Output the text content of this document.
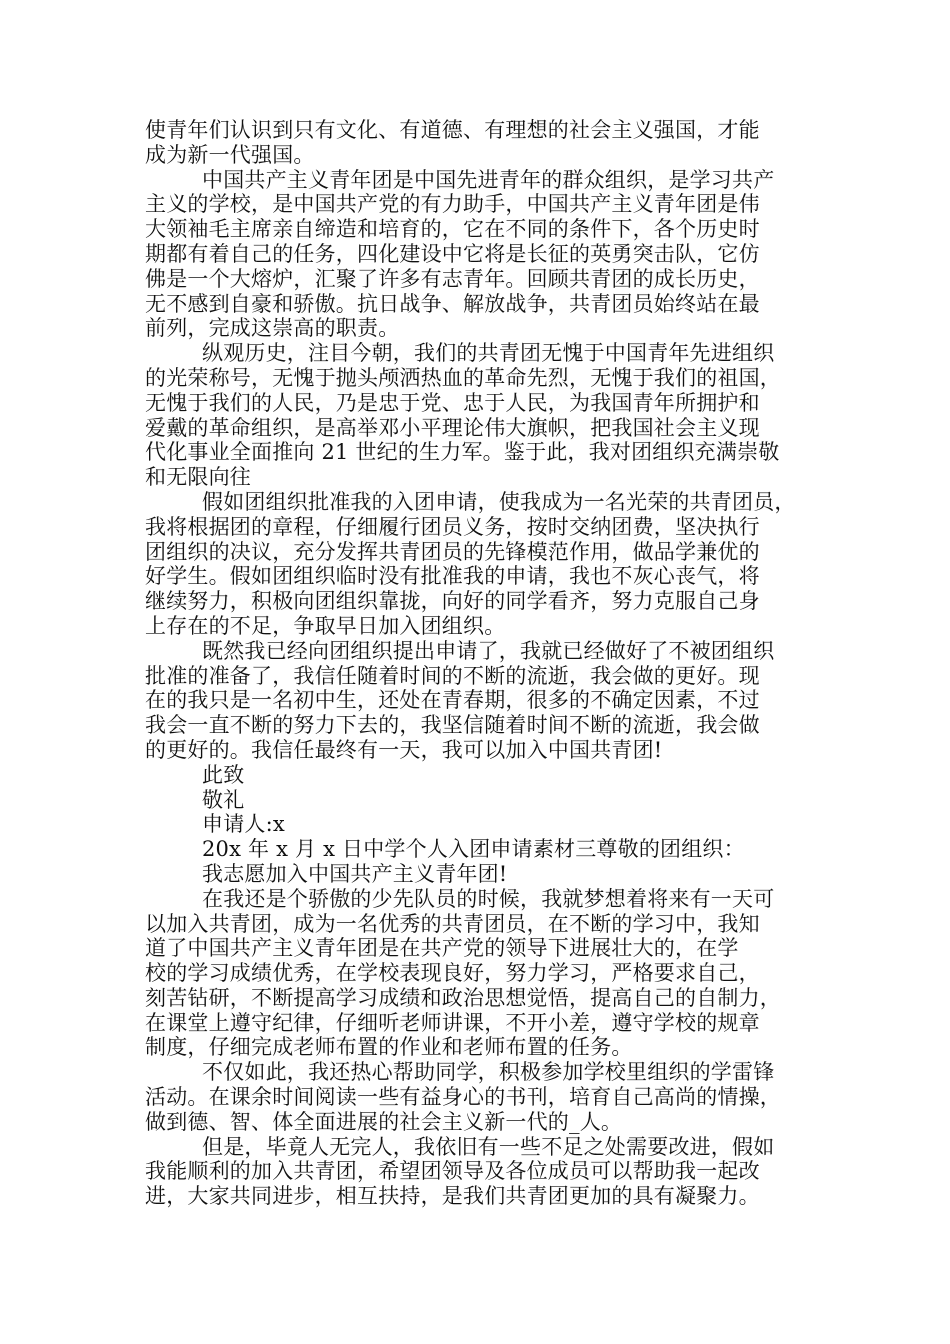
使青年们认识到只有文化、有道德、有理想的社会主义强国，才能
成为新一代强国。
中国共产主义青年团是中国先进青年的群众组织，是学习共产
主义的学校，是中国共产党的有力助手，中国共产主义青年团是伟
大领袖毛主席亲自缔造和培育的，它在不同的条件下，各个历史时
期都有着自己的任务，四化建设中它将是长征的英勇突击队，它仿
佛是一个大熔炉，汇聚了许多有志青年。回顾共青团的成长历史，
无不感到自豪和骄傲。抗日战争、解放战争，共青团员始终站在最
前列，完成这崇高的职责。
纵观历史，注目今朝，我们的共青团无愧于中国青年先进组织
的光荣称号，无愧于抛头颅洒热血的革命先烈，无愧于我们的祖国，
无愧于我们的人民，乃是忠于党、忠于人民，为我国青年所拥护和
爱戴的革命组织，是高举邓小平理论伟大旗帜，把我国社会主义现
代化事业全面推向 21 世纪的生力军。鉴于此，我对团组织充满崇敬
和无限向往
假如团组织批准我的入团申请，使我成为一名光荣的共青团员，
我将根据团的章程，仔细履行团员义务，按时交纳团费，坚决执行
团组织的决议，充分发挥共青团员的先锋模范作用，做品学兼优的
好学生。假如团组织临时没有批准我的申请，我也不灰心丧气，将
继续努力，积极向团组织靠拢，向好的同学看齐，努力克服自己身
上存在的不足，争取早日加入团组织。
既然我已经向团组织提出申请了，我就已经做好了不被团组织
批准的准备了，我信任随着时间的不断的流逝，我会做的更好。现
在的我只是一名初中生，还处在青春期，很多的不确定因素，不过
我会一直不断的努力下去的，我坚信随着时间不断的流逝，我会做
的更好的。我信任最终有一天，我可以加入中国共青团!
此致
敬礼
申请人:x
20x 年 x 月 x 日中学个人入团申请素材三尊敬的团组织：
我志愿加入中国共产主义青年团!
在我还是个骄傲的少先队员的时候，我就梦想着将来有一天可
以加入共青团，成为一名优秀的共青团员，在不断的学习中，我知
道了中国共产主义青年团是在共产党的领导下进展壮大的，在学
校的学习成绩优秀，在学校表现良好，努力学习，严格要求自己，
刻苦钻研，不断提高学习成绩和政治思想觉悟，提高自己的自制力，
在课堂上遵守纪律，仔细听老师讲课，不开小差，遵守学校的规章
制度，仔细完成老师布置的作业和老师布置的任务。
不仅如此，我还热心帮助同学，积极参加学校里组织的学雷锋
活动。在课余时间阅读一些有益身心的书刊，培育自己高尚的情操，
做到德、智、体全面进展的社会主义新一代的_人。
但是，毕竟人无完人，我依旧有一些不足之处需要改进，假如
我能顺利的加入共青团，希望团领导及各位成员可以帮助我一起改
进，大家共同进步，相互扶持，是我们共青团更加的具有凝聚力。
